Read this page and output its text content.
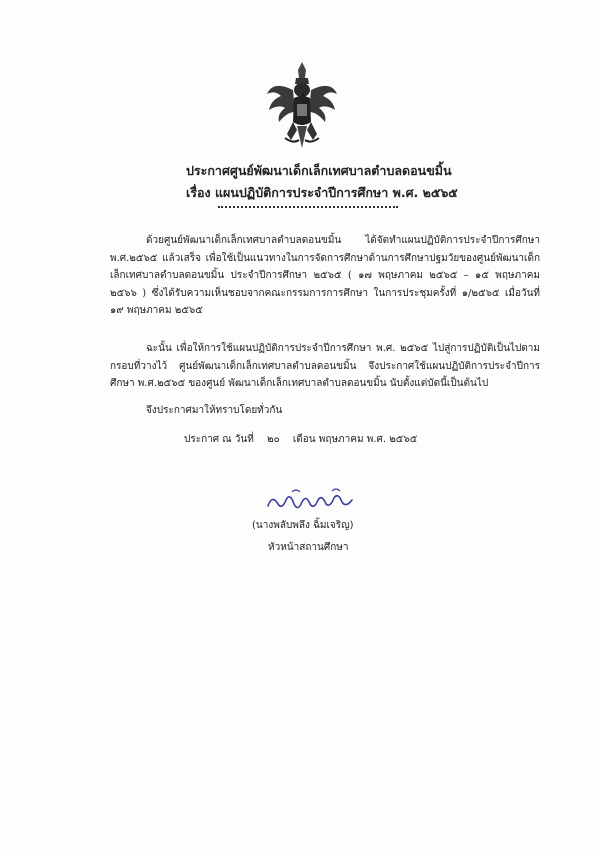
ประกาศศูนย์พัฒนาเด็กเล็กเทศบาลตำบลดอนขมิ้น
เรื่อง แผนปฏิบัติการประจำปีการศึกษา พ.ศ. ๒๕๖๕
ด้วยศูนย์พัฒนาเด็กเล็กเทศบาลตำบลดอนขมิ้น ได้จัดทำแผนปฏิบัติการประจำปีการศึกษา พ.ศ.๒๕๖๕ แล้วเสร็จ เพื่อใช้เป็นแนวทางในการจัดการศึกษาด้านการศึกษาปฐมวัยของศูนย์พัฒนาเด็กเล็กเทศบาลตำบลดอนขมิ้น ประจำปีการศึกษา ๒๕๖๕ ( ๑๗ พฤษภาคม ๒๕๖๕ – ๑๕ พฤษภาคม ๒๕๖๖ ) ซึ่งได้รับความเห็นชอบจากคณะกรรมการการศึกษา ในการประชุมครั้งที่ ๑/๒๕๖๕ เมื่อวันที่ ๑๙ พฤษภาคม ๒๕๖๕
ฉะนั้น เพื่อให้การใช้แผนปฏิบัติการประจำปีการศึกษา พ.ศ. ๒๕๖๕ ไปสู่การปฏิบัติเป็นไปตามกรอบที่วางไว้ ศูนย์พัฒนาเด็กเล็กเทศบาลตำบลดอนขมิ้น จึงประกาศใช้แผนปฏิบัติการประจำปีการศึกษา พ.ศ.๒๕๖๕ ของศูนย์ พัฒนาเด็กเล็กเทศบาลตำบลดอนขมิ้น นับตั้งแต่บัดนี้เป็นต้นไป
จึงประกาศมาให้ทราบโดยทั่วกัน
ประกาศ ณ วันที่ ๒๐ เดือน พฤษภาคม พ.ศ. ๒๕๖๕
(นางพลับพลึง ฉิ้มเจริญ)
หัวหน้าสถานศึกษา
